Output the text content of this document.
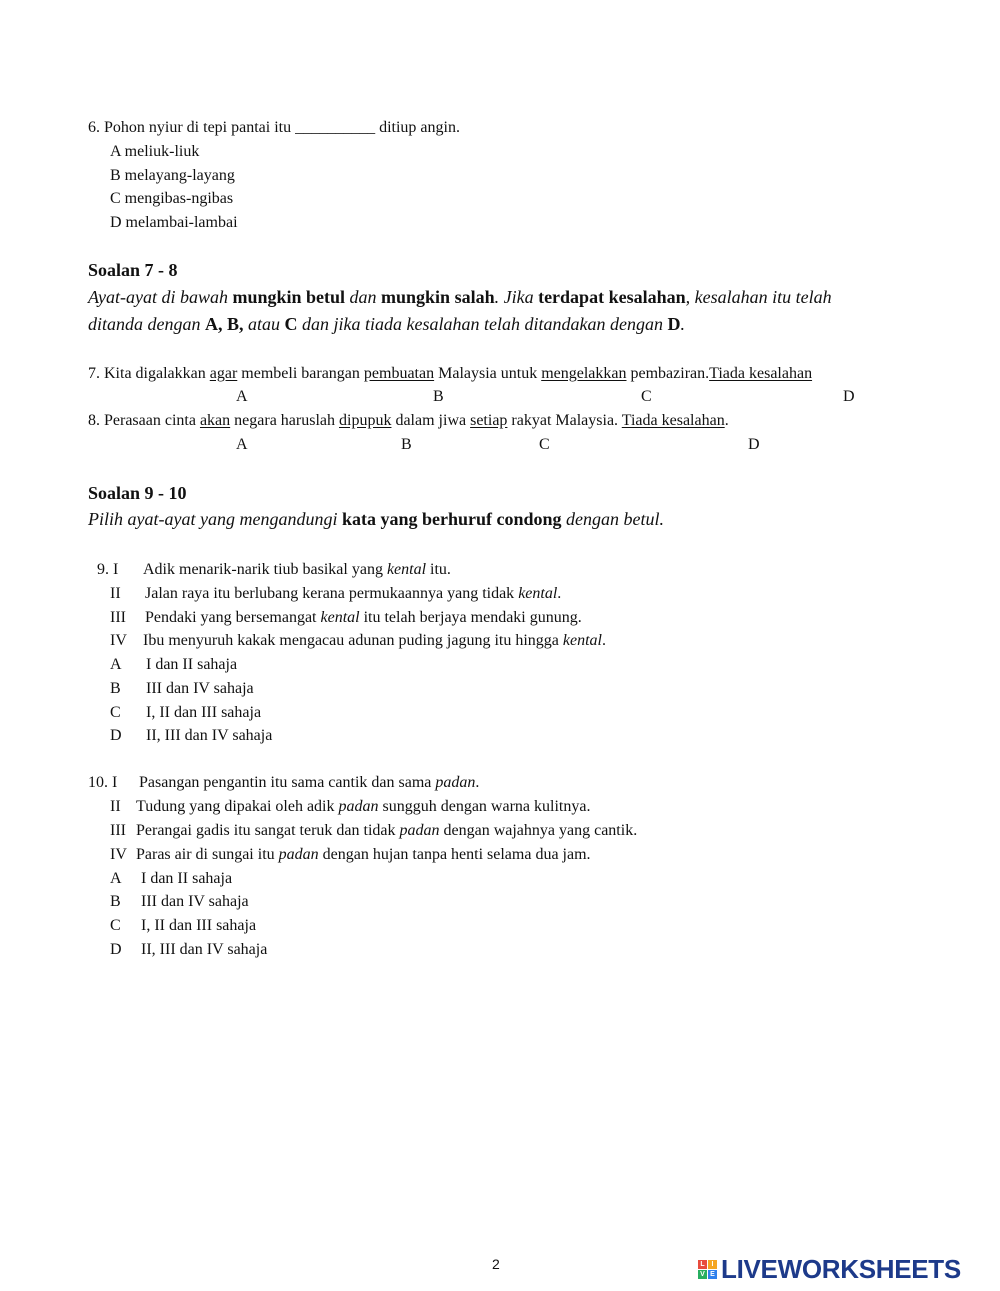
6. Pohon nyiur di tepi pantai itu __________ ditiup angin.
A meliuk-liuk
B melayang-layang
C mengibas-ngibas
D melambai-lambai
Soalan 7 - 8
Ayat-ayat di bawah mungkin betul dan mungkin salah. Jika terdapat kesalahan, kesalahan itu telah
ditanda dengan A, B, atau C dan jika tiada kesalahan telah ditandakan dengan D.
7. Kita digalakkan agar membeli barangan pembuatan Malaysia untuk mengelakkan pembaziran.Tiada kesalahan
A	B	C	D
8. Perasaan cinta akan negara haruslah dipupuk dalam jiwa setiap rakyat Malaysia. Tiada kesalahan.
A	B	C	D
Soalan 9 - 10
Pilih ayat-ayat yang mengandungi kata yang berhuruf condong dengan betul.
9. I Adik menarik-narik tiub basikal yang kental itu.
II Jalan raya itu berlubang kerana permukaannya yang tidak kental.
III Pendaki yang bersemangat kental itu telah berjaya mendaki gunung.
IV Ibu menyuruh kakak mengacau adunan puding jagung itu hingga kental.
A I dan II sahaja
B III dan IV sahaja
C I, II dan III sahaja
D II, III dan IV sahaja
10. I Pasangan pengantin itu sama cantik dan sama padan.
II Tudung yang dipakai oleh adik padan sungguh dengan warna kulitnya.
III Perangai gadis itu sangat teruk dan tidak padan dengan wajahnya yang cantik.
IV Paras air di sungai itu padan dengan hujan tanpa henti selama dua jam.
A I dan II sahaja
B III dan IV sahaja
C I, II dan III sahaja
D II, III dan IV sahaja
2	L I
V E LIVEWORKSHEETS
